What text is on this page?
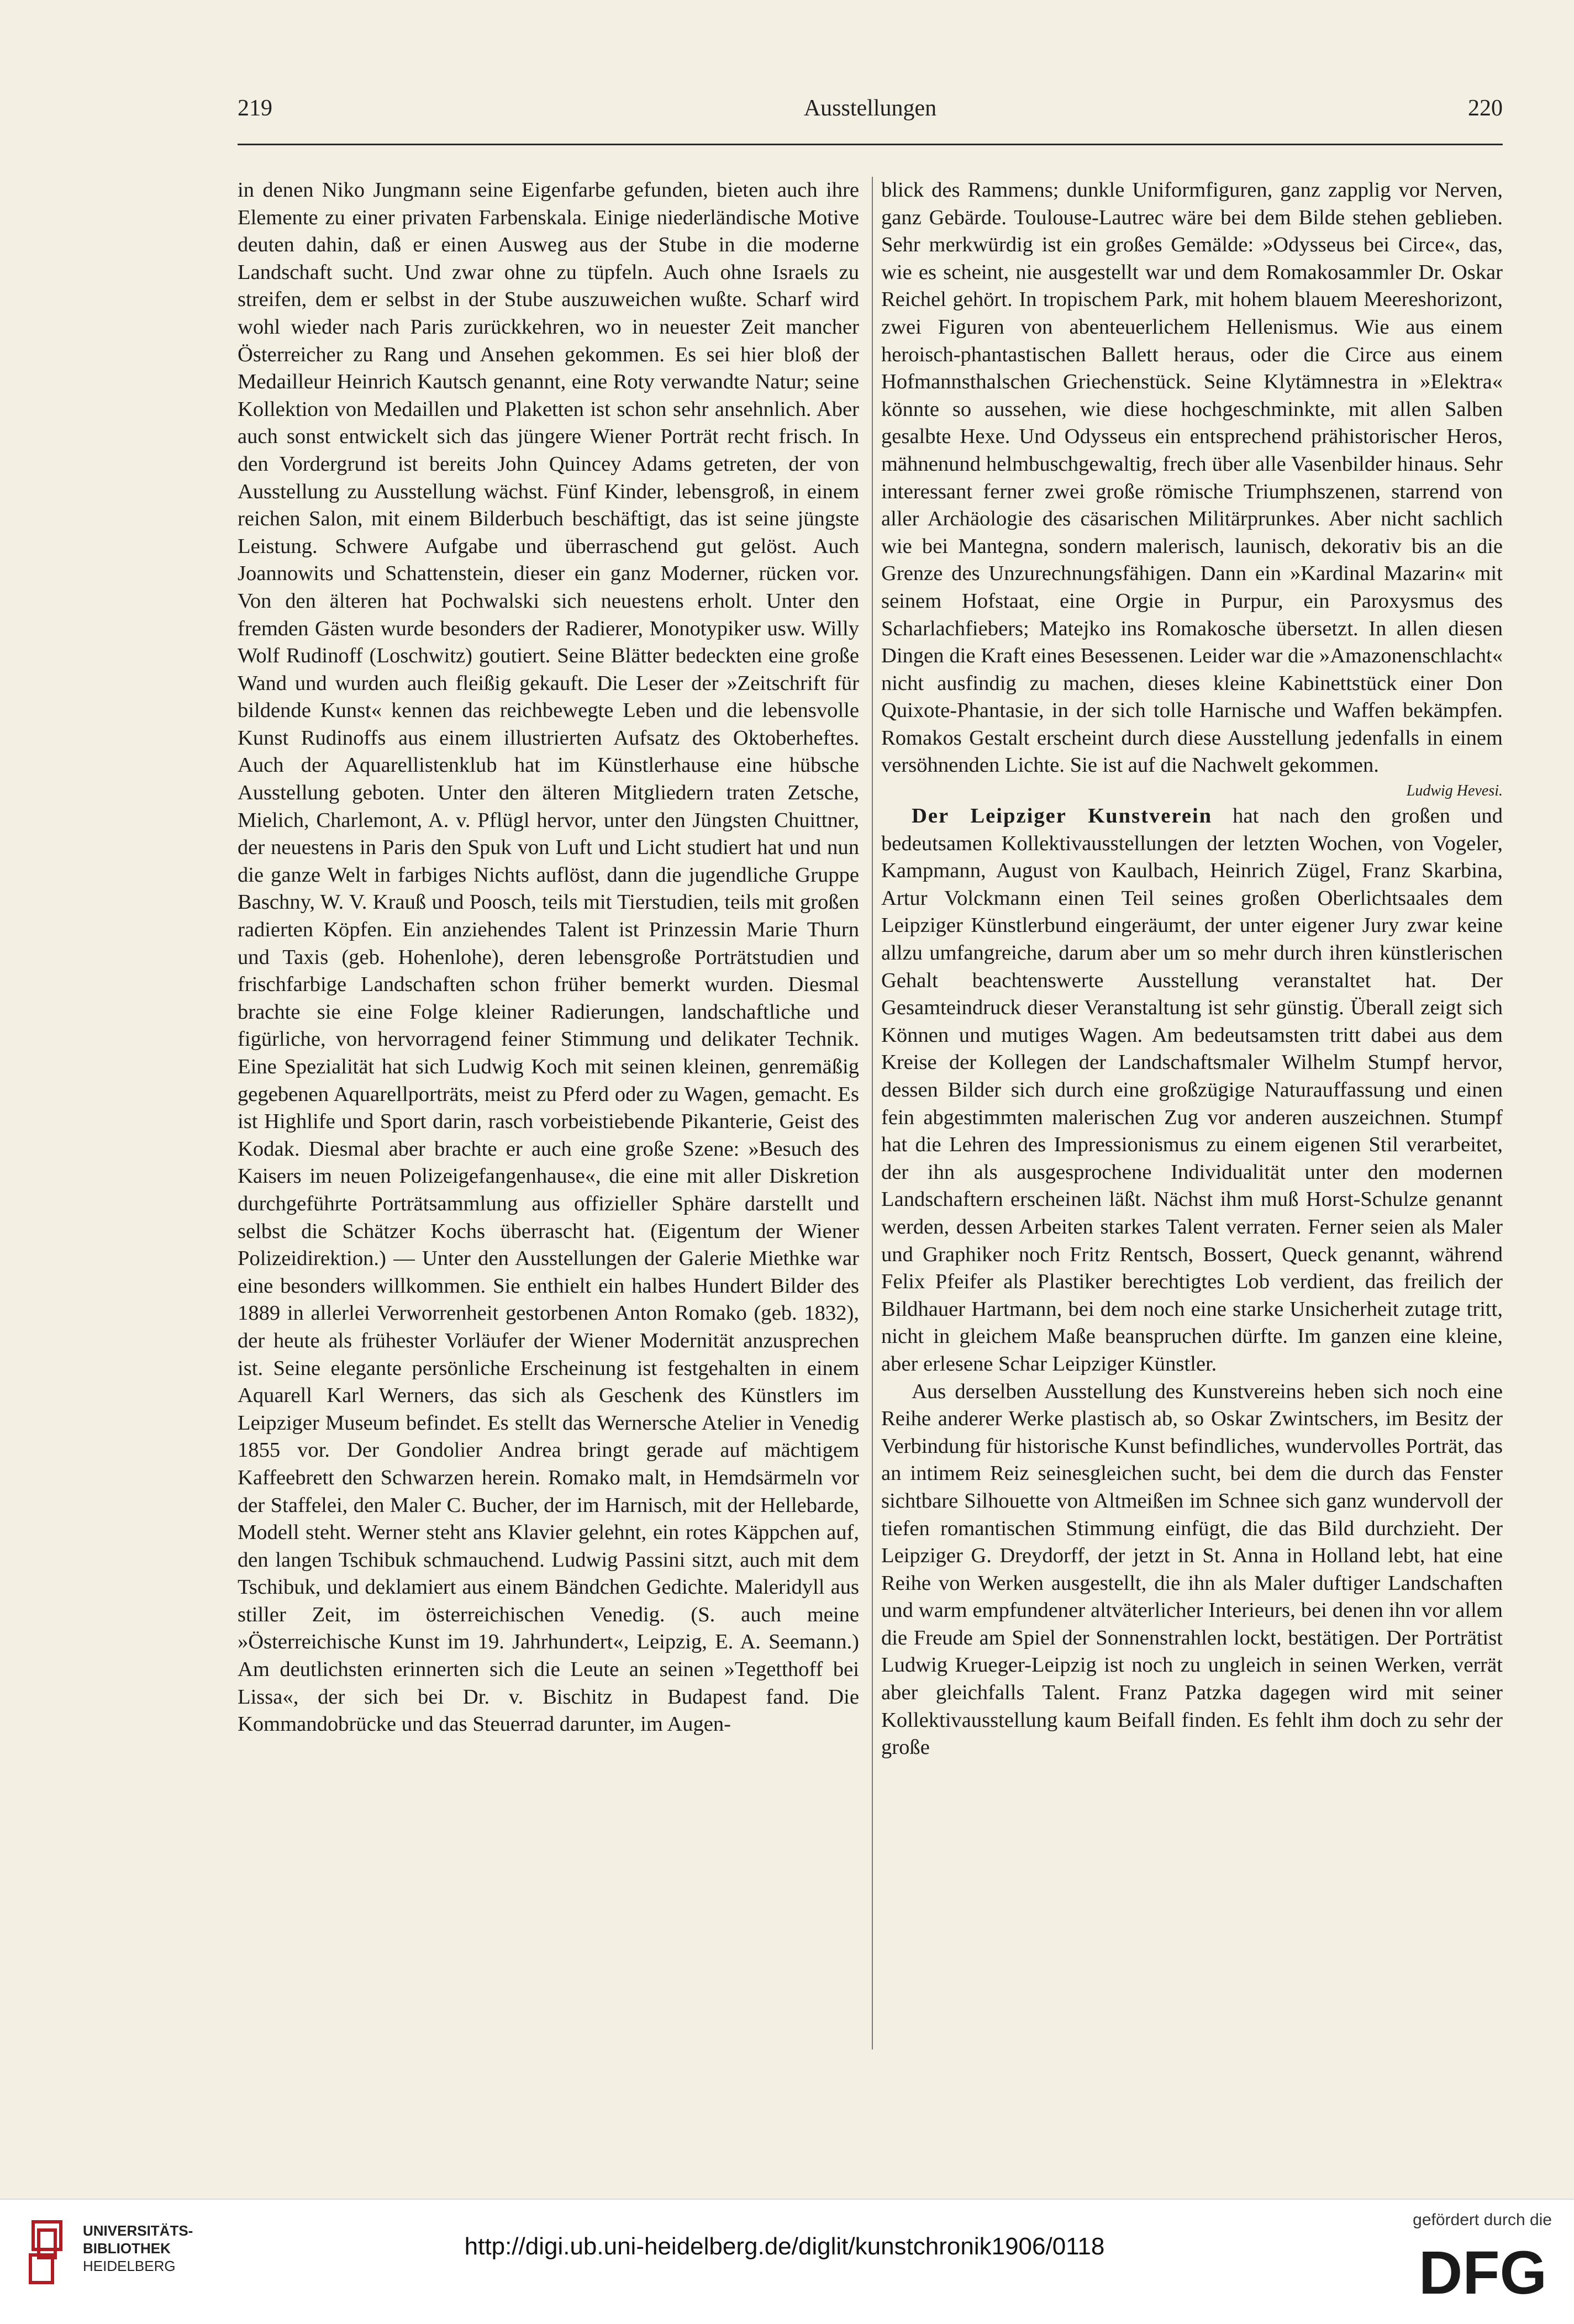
219	Ausstellungen	220

in denen Niko Jungmann seine Eigenfarbe gefunden, bieten auch ihre Elemente zu einer privaten Farbenskala. Einige niederländische Motive deuten dahin, daß er einen Ausweg aus der Stube in die moderne Landschaft sucht. Und zwar ohne zu tüpfeln. Auch ohne Israels zu streifen, dem er selbst in der Stube auszuweichen wußte. Scharf wird wohl wieder nach Paris zurückkehren, wo in neuester Zeit mancher Österreicher zu Rang und Ansehen gekommen. Es sei hier bloß der Medailleur Heinrich Kautsch genannt, eine Roty verwandte Natur; seine Kollektion von Medaillen und Plaketten ist schon sehr ansehnlich. Aber auch sonst entwickelt sich das jüngere Wiener Porträt recht frisch. In den Vordergrund ist bereits John Quincey Adams getreten, der von Ausstellung zu Ausstellung wächst. Fünf Kinder, lebensgroß, in einem reichen Salon, mit einem Bilderbuch beschäftigt, das ist seine jüngste Leistung. Schwere Aufgabe und überraschend gut gelöst. Auch Joannowits und Schattenstein, dieser ein ganz Moderner, rücken vor. Von den älteren hat Pochwalski sich neuestens erholt. Unter den fremden Gästen wurde besonders der Radierer, Monotypiker usw. Willy Wolf Rudinoff (Loschwitz) goutiert. Seine Blätter bedeckten eine große Wand und wurden auch fleißig gekauft. Die Leser der »Zeitschrift für bildende Kunst« kennen das reichbewegte Leben und die lebensvolle Kunst Rudinoffs aus einem illustrierten Aufsatz des Oktoberheftes. Auch der Aquarellistenklub hat im Künstlerhause eine hübsche Ausstellung geboten. Unter den älteren Mitgliedern traten Zetsche, Mielich, Charlemont, A. v. Pflügl hervor, unter den Jüngsten Chuittner, der neuestens in Paris den Spuk von Luft und Licht studiert hat und nun die ganze Welt in farbiges Nichts auflöst, dann die jugendliche Gruppe Baschny, W. V. Krauß und Poosch, teils mit Tierstudien, teils mit großen radierten Köpfen. Ein anziehendes Talent ist Prinzessin Marie Thurn und Taxis (geb. Hohenlohe), deren lebensgroße Porträtstudien und frischfarbige Landschaften schon früher bemerkt wurden. Diesmal brachte sie eine Folge kleiner Radierungen, landschaftliche und figürliche, von hervorragend feiner Stimmung und delikater Technik. Eine Spezialität hat sich Ludwig Koch mit seinen kleinen, genremäßig gegebenen Aquarellporträts, meist zu Pferd oder zu Wagen, gemacht. Es ist Highlife und Sport darin, rasch vorbeistiebende Pikanterie, Geist des Kodak. Diesmal aber brachte er auch eine große Szene: »Besuch des Kaisers im neuen Polizeigefangenhause«, die eine mit aller Diskretion durchgeführte Porträtsammlung aus offizieller Sphäre darstellt und selbst die Schätzer Kochs überrascht hat. (Eigentum der Wiener Polizeidirektion.) — Unter den Ausstellungen der Galerie Miethke war eine besonders willkommen. Sie enthielt ein halbes Hundert Bilder des 1889 in allerlei Verworrenheit gestorbenen Anton Romako (geb. 1832), der heute als frühester Vorläufer der Wiener Modernität anzusprechen ist. Seine elegante persönliche Erscheinung ist festgehalten in einem Aquarell Karl Werners, das sich als Geschenk des Künstlers im Leipziger Museum befindet. Es stellt das Wernersche Atelier in Venedig 1855 vor. Der Gondolier Andrea bringt gerade auf mächtigem Kaffeebrett den Schwarzen herein. Romako malt, in Hemdsärmeln vor der Staffelei, den Maler C. Bucher, der im Harnisch, mit der Hellebarde, Modell steht. Werner steht ans Klavier gelehnt, ein rotes Käppchen auf, den langen Tschibuk schmauchend. Ludwig Passini sitzt, auch mit dem Tschibuk, und deklamiert aus einem Bändchen Gedichte. Maleridyll aus stiller Zeit, im österreichischen Venedig. (S. auch meine »Österreichische Kunst im 19. Jahrhundert«, Leipzig, E. A. Seemann.) Am deutlichsten erinnerten sich die Leute an seinen »Tegetthoff bei Lissa«, der sich bei Dr. v. Bischitz in Budapest fand. Die Kommandobrücke und das Steuerrad darunter, im Augen-

blick des Rammens; dunkle Uniformfiguren, ganz zapplig vor Nerven, ganz Gebärde. Toulouse-Lautrec wäre bei dem Bilde stehen geblieben. Sehr merkwürdig ist ein großes Gemälde: »Odysseus bei Circe«, das, wie es scheint, nie ausgestellt war und dem Romakosammler Dr. Oskar Reichel gehört. In tropischem Park, mit hohem blauem Meereshorizont, zwei Figuren von abenteuerlichem Hellenismus. Wie aus einem heroisch-phantastischen Ballett heraus, oder die Circe aus einem Hofmannsthalschen Griechenstück. Seine Klytämnestra in »Elektra« könnte so aussehen, wie diese hochgeschminkte, mit allen Salben gesalbte Hexe. Und Odysseus ein entsprechend prähistorischer Heros, mähnenund helmbuschgewaltig, frech über alle Vasenbilder hinaus. Sehr interessant ferner zwei große römische Triumphszenen, starrend von aller Archäologie des cäsarischen Militärprunkes. Aber nicht sachlich wie bei Mantegna, sondern malerisch, launisch, dekorativ bis an die Grenze des Unzurechnungsfähigen. Dann ein »Kardinal Mazarin« mit seinem Hofstaat, eine Orgie in Purpur, ein Paroxysmus des Scharlachfiebers; Matejko ins Romakosche übersetzt. In allen diesen Dingen die Kraft eines Besessenen. Leider war die »Amazonenschlacht« nicht ausfindig zu machen, dieses kleine Kabinettstück einer Don Quixote-Phantasie, in der sich tolle Harnische und Waffen bekämpfen. Romakos Gestalt erscheint durch diese Ausstellung jedenfalls in einem versöhnenden Lichte. Sie ist auf die Nachwelt gekommen.

Ludwig Hevesi.

Der Leipziger Kunstverein hat nach den großen und bedeutsamen Kollektivausstellungen der letzten Wochen, von Vogeler, Kampmann, August von Kaulbach, Heinrich Zügel, Franz Skarbina, Artur Volckmann einen Teil seines großen Oberlichtsaales dem Leipziger Künstlerbund eingeräumt, der unter eigener Jury zwar keine allzu umfangreiche, darum aber um so mehr durch ihren künstlerischen Gehalt beachtenswerte Ausstellung veranstaltet hat. Der Gesamteindruck dieser Veranstaltung ist sehr günstig. Überall zeigt sich Können und mutiges Wagen. Am bedeutsamsten tritt dabei aus dem Kreise der Kollegen der Landschaftsmaler Wilhelm Stumpf hervor, dessen Bilder sich durch eine großzügige Naturauffassung und einen fein abgestimmten malerischen Zug vor anderen auszeichnen. Stumpf hat die Lehren des Impressionismus zu einem eigenen Stil verarbeitet, der ihn als ausgesprochene Individualität unter den modernen Landschaftern erscheinen läßt. Nächst ihm muß Horst-Schulze genannt werden, dessen Arbeiten starkes Talent verraten. Ferner seien als Maler und Graphiker noch Fritz Rentsch, Bossert, Queck genannt, während Felix Pfeifer als Plastiker berechtigtes Lob verdient, das freilich der Bildhauer Hartmann, bei dem noch eine starke Unsicherheit zutage tritt, nicht in gleichem Maße beanspruchen dürfte. Im ganzen eine kleine, aber erlesene Schar Leipziger Künstler.

Aus derselben Ausstellung des Kunstvereins heben sich noch eine Reihe anderer Werke plastisch ab, so Oskar Zwintschers, im Besitz der Verbindung für historische Kunst befindliches, wundervolles Porträt, das an intimem Reiz seinesgleichen sucht, bei dem die durch das Fenster sichtbare Silhouette von Altmeißen im Schnee sich ganz wundervoll der tiefen romantischen Stimmung einfügt, die das Bild durchzieht. Der Leipziger G. Dreydorff, der jetzt in St. Anna in Holland lebt, hat eine Reihe von Werken ausgestellt, die ihn als Maler duftiger Landschaften und warm empfundener altväterlicher Interieurs, bei denen ihn vor allem die Freude am Spiel der Sonnenstrahlen lockt, bestätigen. Der Porträtist Ludwig Krueger-Leipzig ist noch zu ungleich in seinen Werken, verrät aber gleichfalls Talent. Franz Patzka dagegen wird mit seiner Kollektivausstellung kaum Beifall finden. Es fehlt ihm doch zu sehr der große

UNIVERSITÄTS-
BIBLIOTHEK
HEIDELBERG
http://digi.ub.uni-heidelberg.de/diglit/kunstchronik1906/0118
gefördert durch die
DFG
